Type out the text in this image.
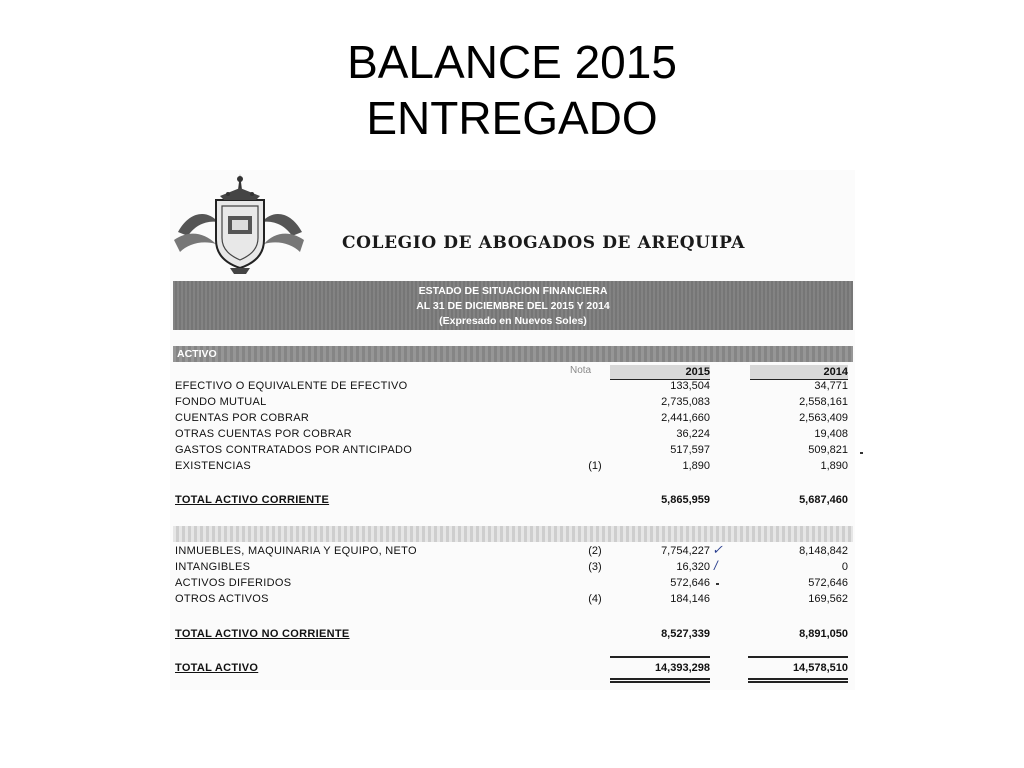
BALANCE 2015
ENTREGADO
COLEGIO DE ABOGADOS DE AREQUIPA
ESTADO DE SITUACION FINANCIERA
AL 31 DE DICIEMBRE DEL 2015 Y 2014
(Expresado en Nuevos Soles)
ACTIVO
Nota	2015	2014
EFECTIVO O EQUIVALENTE DE EFECTIVO	133,504	34,771
FONDO MUTUAL	2,735,083	2,558,161
CUENTAS POR COBRAR	2,441,660	2,563,409
OTRAS CUENTAS POR COBRAR	36,224	19,408
GASTOS CONTRATADOS POR ANTICIPADO	517,597	509,821
EXISTENCIAS	(1)	1,890	1,890
TOTAL ACTIVO CORRIENTE	5,865,959	5,687,460
INMUEBLES, MAQUINARIA Y EQUIPO, NETO	(2)	7,754,227	8,148,842
✓
INTANGIBLES	(3)	16,320	0
/
ACTIVOS DIFERIDOS	572,646	572,646
OTROS ACTIVOS	(4)	184,146	169,562
TOTAL ACTIVO NO CORRIENTE	8,527,339	8,891,050
TOTAL ACTIVO	14,393,298	14,578,510
